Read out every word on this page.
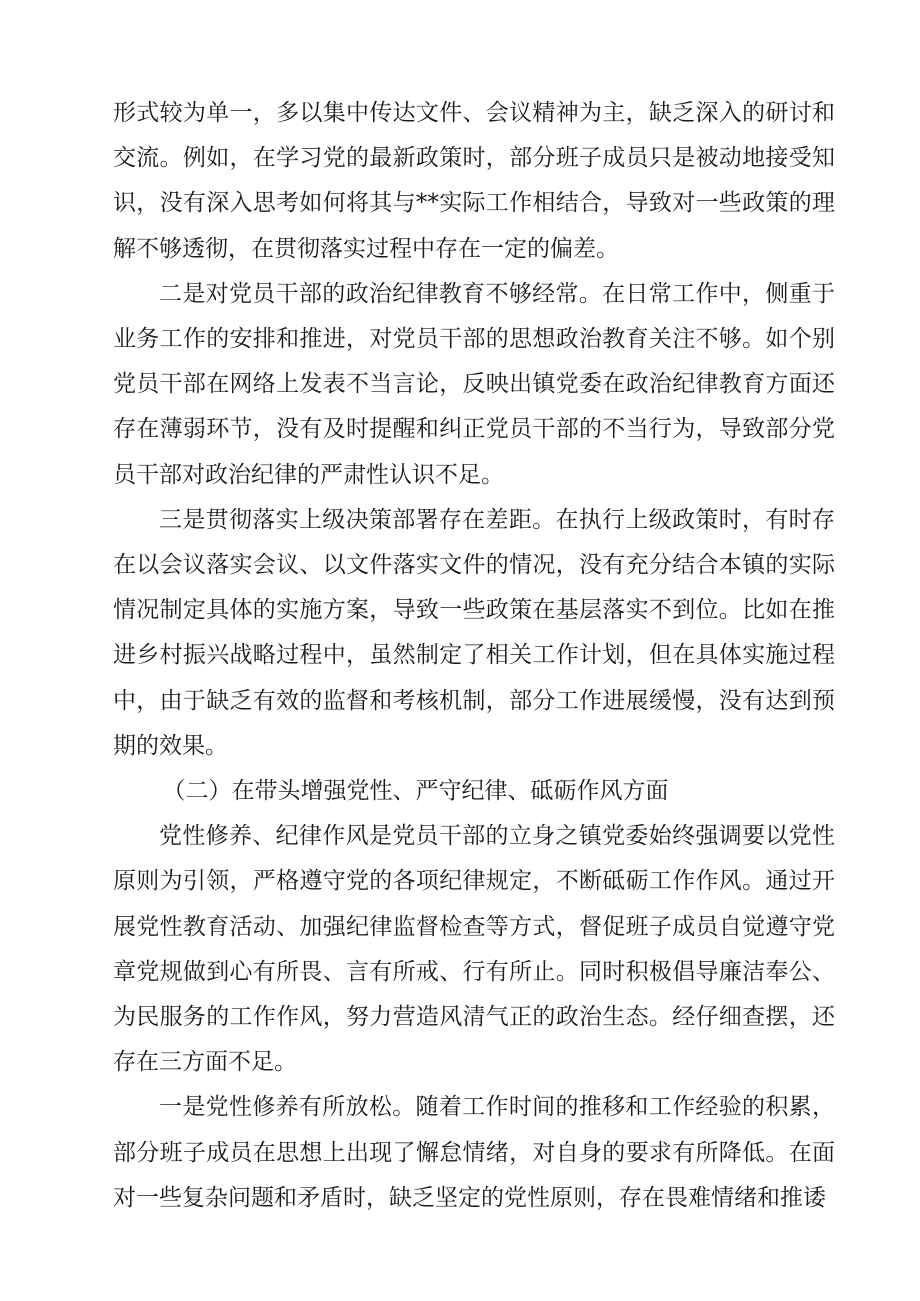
形式较为单一，多以集中传达文件、会议精神为主，缺乏深入的研讨和交流。例如，在学习党的最新政策时，部分班子成员只是被动地接受知识，没有深入思考如何将其与**实际工作相结合，导致对一些政策的理解不够透彻，在贯彻落实过程中存在一定的偏差。

二是对党员干部的政治纪律教育不够经常。在日常工作中，侧重于业务工作的安排和推进，对党员干部的思想政治教育关注不够。如个别党员干部在网络上发表不当言论，反映出镇党委在政治纪律教育方面还存在薄弱环节，没有及时提醒和纠正党员干部的不当行为，导致部分党员干部对政治纪律的严肃性认识不足。

三是贯彻落实上级决策部署存在差距。在执行上级政策时，有时存在以会议落实会议、以文件落实文件的情况，没有充分结合本镇的实际情况制定具体的实施方案，导致一些政策在基层落实不到位。比如在推进乡村振兴战略过程中，虽然制定了相关工作计划，但在具体实施过程中，由于缺乏有效的监督和考核机制，部分工作进展缓慢，没有达到预期的效果。

（二）在带头增强党性、严守纪律、砥砺作风方面

党性修养、纪律作风是党员干部的立身之镇党委始终强调要以党性原则为引领，严格遵守党的各项纪律规定，不断砥砺工作作风。通过开展党性教育活动、加强纪律监督检查等方式，督促班子成员自觉遵守党章党规做到心有所畏、言有所戒、行有所止。同时积极倡导廉洁奉公、为民服务的工作作风，努力营造风清气正的政治生态。经仔细查摆，还存在三方面不足。

一是党性修养有所放松。随着工作时间的推移和工作经验的积累，部分班子成员在思想上出现了懈怠情绪，对自身的要求有所降低。在面对一些复杂问题和矛盾时，缺乏坚定的党性原则，存在畏难情绪和推诿
